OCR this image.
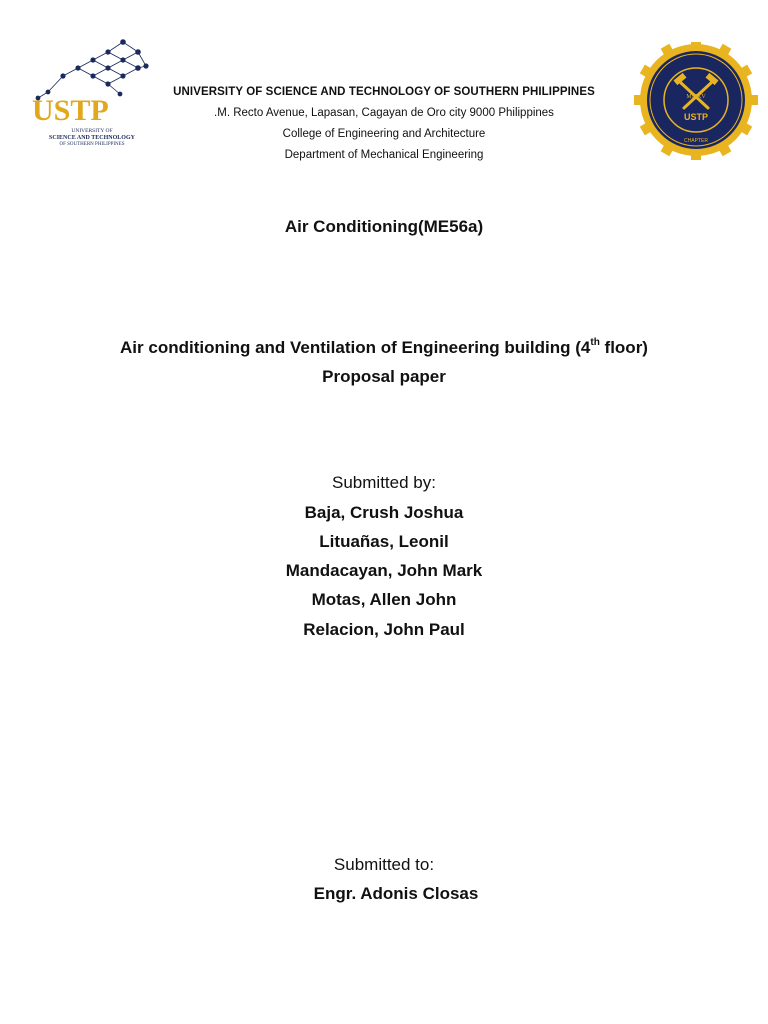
USTP
UNIVERSITY OF
SCIENCE AND TECHNOLOGY
OF SOUTHERN PHILIPPINES
MMXV
USTP
CHAPTER
UNIVERSITY OF SCIENCE AND TECHNOLOGY OF SOUTHERN PHILIPPINES
.M. Recto Avenue, Lapasan, Cagayan de Oro city 9000 Philippines
College of Engineering and Architecture
Department of Mechanical Engineering
Air Conditioning(ME56a)
Air conditioning and Ventilation of Engineering building (4th floor)
Proposal paper
Submitted by:
Baja, Crush Joshua
Lituañas, Leonil
Mandacayan, John Mark
Motas, Allen John
Relacion, John Paul
Submitted to:
Engr. Adonis Closas
